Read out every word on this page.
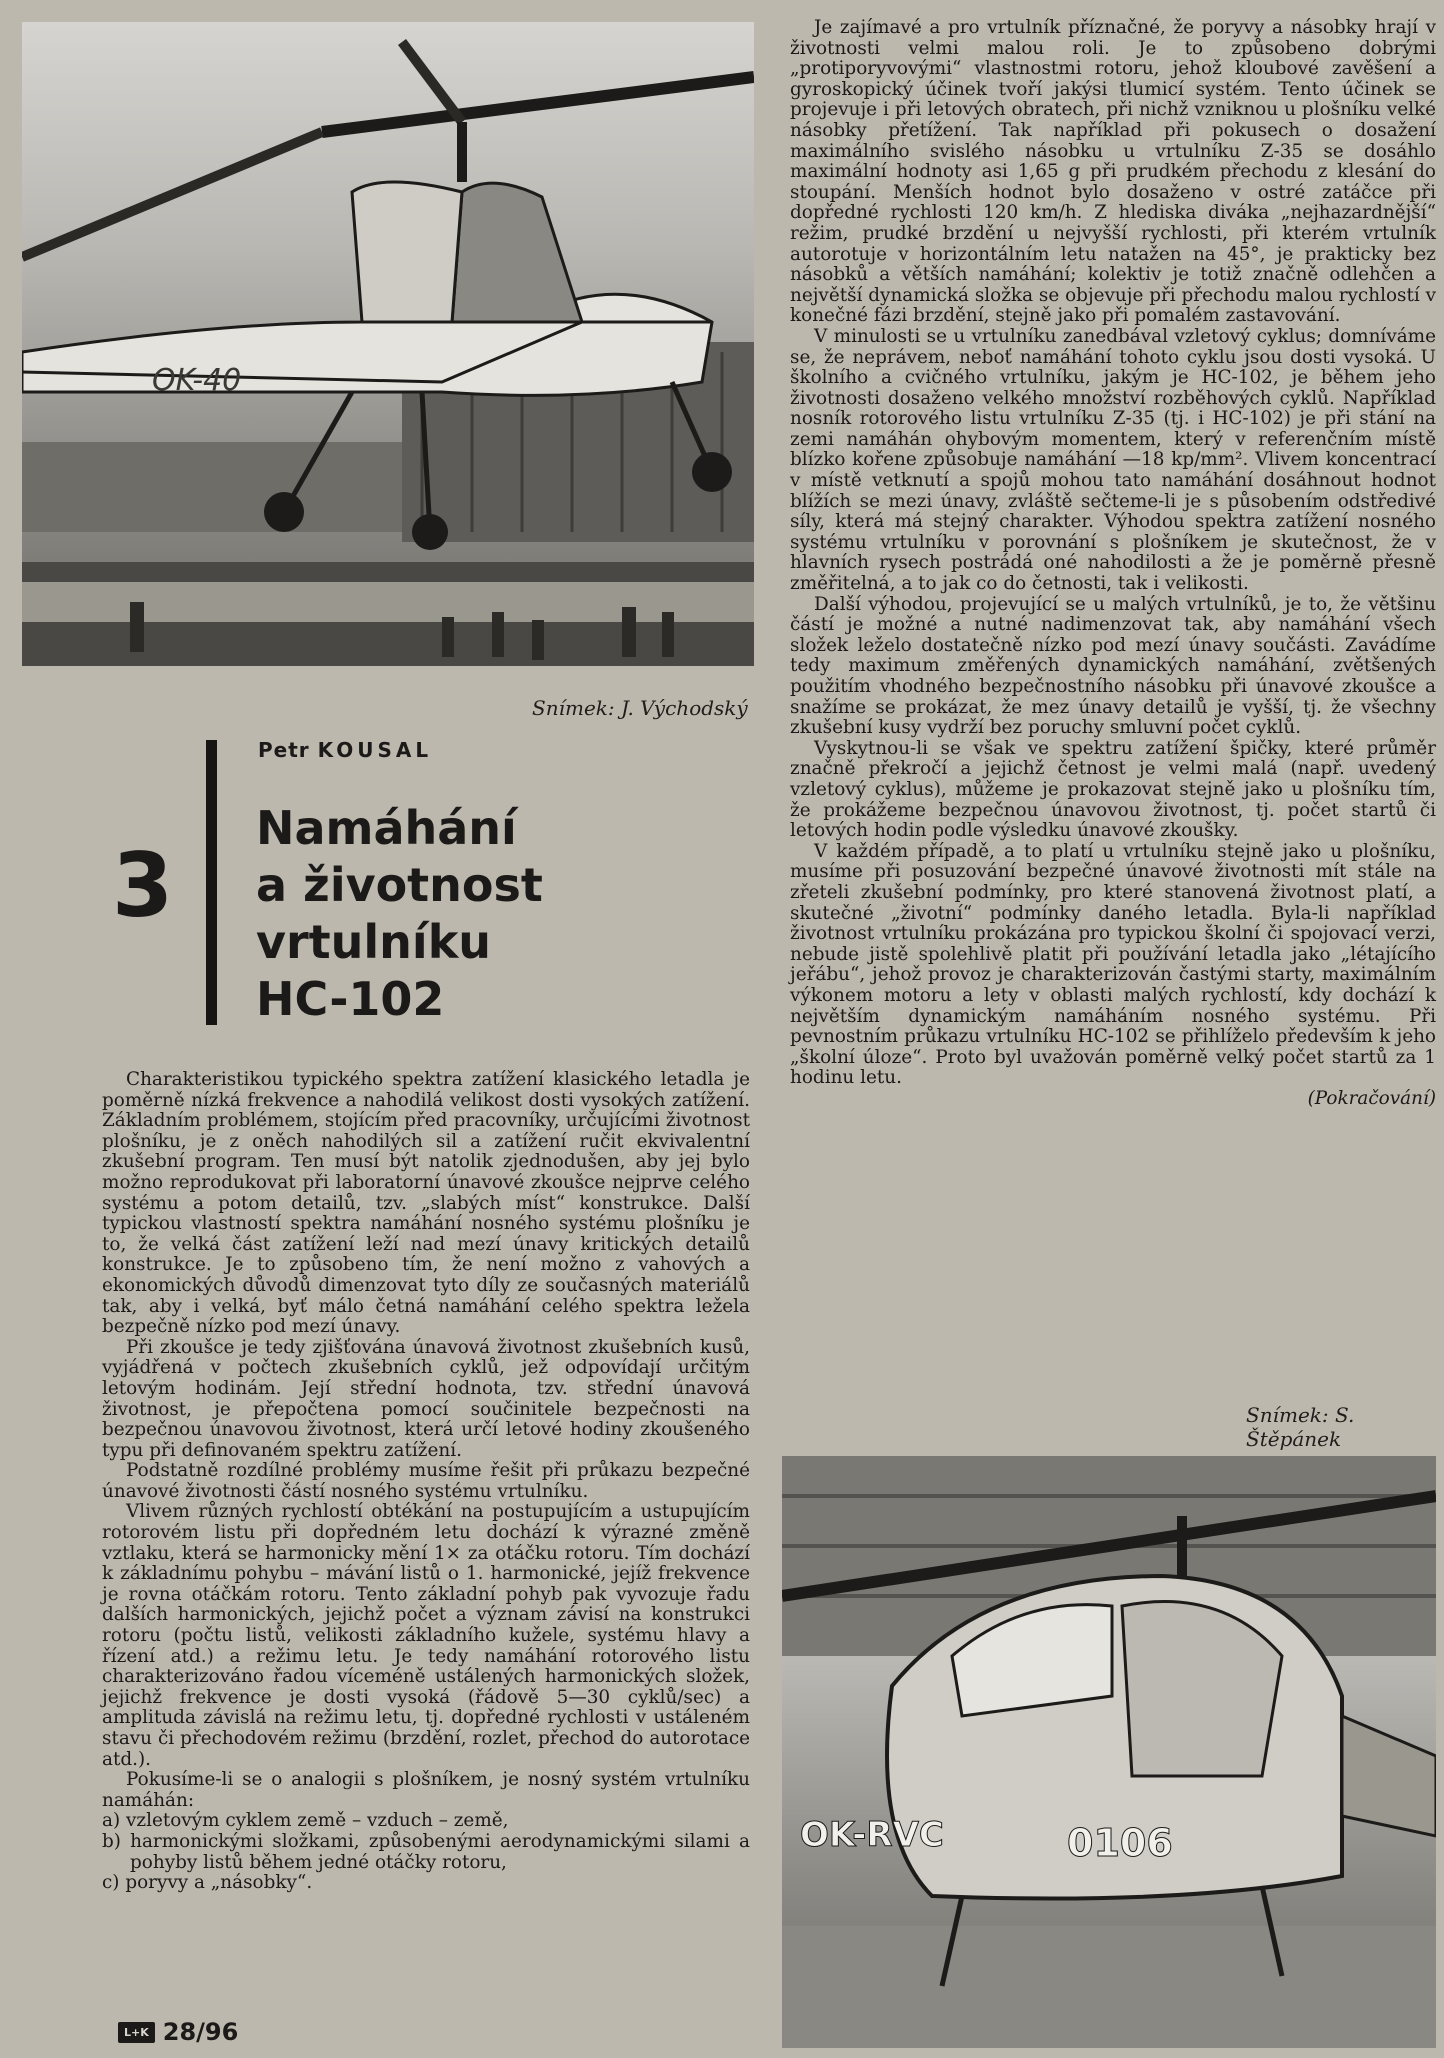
OK-40
Snímek: J. Východský
Petr KOUSAL
3
Namáhání
a životnost
vrtulníku
HC-102

Charakteristikou typického spektra zatížení klasického letadla je poměrně nízká frekvence a nahodilá velikost dosti vysokých zatížení. Základním problémem, stojícím před pracovníky, určujícími životnost plošníku, je z oněch nahodilých sil a zatížení ručit ekvivalentní zkušební program. Ten musí být natolik zjednodušen, aby jej bylo možno reprodukovat při laboratorní únavové zkoušce nejprve celého systému a potom detailů, tzv. „slabých míst“ konstrukce. Další typickou vlastností spektra namáhání nosného systému plošníku je to, že velká část zatížení leží nad mezí únavy kritických detailů konstrukce. Je to způsobeno tím, že není možno z vahových a ekonomických důvodů dimenzovat tyto díly ze současných materiálů tak, aby i velká, byť málo četná namáhání celého spektra ležela bezpečně nízko pod mezí únavy.

Při zkoušce je tedy zjišťována únavová životnost zkušebních kusů, vyjádřená v počtech zkušebních cyklů, jež odpovídají určitým letovým hodinám. Její střední hodnota, tzv. střední únavová životnost, je přepočtena pomocí součinitele bezpečnosti na bezpečnou únavovou životnost, která určí letové hodiny zkoušeného typu při definovaném spektru zatížení.

Podstatně rozdílné problémy musíme řešit při průkazu bezpečné únavové životnosti částí nosného systému vrtulníku.

Vlivem různých rychlostí obtékání na postupujícím a ustupujícím rotorovém listu při dopředném letu dochází k výrazné změně vztlaku, která se harmonicky mění 1× za otáčku rotoru. Tím dochází k základnímu pohybu – mávání listů o 1. harmonické, jejíž frekvence je rovna otáčkám rotoru. Tento základní pohyb pak vyvozuje řadu dalších harmonických, jejichž počet a význam závisí na konstrukci rotoru (počtu listů, velikosti základního kužele, systému hlavy a řízení atd.) a režimu letu. Je tedy namáhání rotorového listu charakterizováno řadou víceméně ustálených harmonických složek, jejichž frekvence je dosti vysoká (řádově 5—30 cyklů/sec) a amplituda závislá na režimu letu, tj. dopředné rychlosti v ustáleném stavu či přechodovém režimu (brzdění, rozlet, přechod do autorotace atd.).

Pokusíme-li se o analogii s plošníkem, je nosný systém vrtulníku namáhán:

a) vzletovým cyklem země – vzduch – země,
b) harmonickými složkami, způsobenými aerodynamickými silami a pohyby listů během jedné otáčky rotoru,
c) poryvy a „násobky“.

Je zajímavé a pro vrtulník příznačné, že poryvy a násobky hrají v životnosti velmi malou roli. Je to způsobeno dobrými „protiporyvovými“ vlastnostmi rotoru, jehož kloubové zavěšení a gyroskopický účinek tvoří jakýsi tlumicí systém. Tento účinek se projevuje i při letových obratech, při nichž vzniknou u plošníku velké násobky přetížení. Tak například při pokusech o dosažení maximálního svislého násobku u vrtulníku Z-35 se dosáhlo maximální hodnoty asi 1,65 g při prudkém přechodu z klesání do stoupání. Menších hodnot bylo dosaženo v ostré zatáčce při dopředné rychlosti 120 km/h. Z hlediska diváka „nejhazardnější“ režim, prudké brzdění u nejvyšší rychlosti, při kterém vrtulník autorotuje v horizontálním letu natažen na 45°, je prakticky bez násobků a větších namáhání; kolektiv je totiž značně odlehčen a největší dynamická složka se objevuje při přechodu malou rychlostí v konečné fázi brzdění, stejně jako při pomalém zastavování.

V minulosti se u vrtulníku zanedbával vzletový cyklus; domníváme se, že neprávem, neboť namáhání tohoto cyklu jsou dosti vysoká. U školního a cvičného vrtulníku, jakým je HC-102, je během jeho životnosti dosaženo velkého množství rozběhových cyklů. Například nosník rotorového listu vrtulníku Z-35 (tj. i HC-102) je při stání na zemi namáhán ohybovým momentem, který v referenčním místě blízko kořene způsobuje namáhání —18 kp/mm². Vlivem koncentrací v místě vetknutí a spojů mohou tato namáhání dosáhnout hodnot blížích se mezi únavy, zvláště sečteme-li je s působením odstředivé síly, která má stejný charakter. Výhodou spektra zatížení nosného systému vrtulníku v porovnání s plošníkem je skutečnost, že v hlavních rysech postrádá oné nahodilosti a že je poměrně přesně změřitelná, a to jak co do četnosti, tak i velikosti.

Další výhodou, projevující se u malých vrtulníků, je to, že většinu částí je možné a nutné nadimenzovat tak, aby namáhání všech složek leželo dostatečně nízko pod mezí únavy součásti. Zavádíme tedy maximum změřených dynamických namáhání, zvětšených použitím vhodného bezpečnostního násobku při únavové zkoušce a snažíme se prokázat, že mez únavy detailů je vyšší, tj. že všechny zkušební kusy vydrží bez poruchy smluvní počet cyklů.

Vyskytnou-li se však ve spektru zatížení špičky, které průměr značně překročí a jejichž četnost je velmi malá (např. uvedený vzletový cyklus), můžeme je prokazovat stejně jako u plošníku tím, že prokážeme bezpečnou únavovou životnost, tj. počet startů či letových hodin podle výsledku únavové zkoušky.

V každém případě, a to platí u vrtulníku stejně jako u plošníku, musíme při posuzování bezpečné únavové životnosti mít stále na zřeteli zkušební podmínky, pro které stanovená životnost platí, a skutečné „životní“ podmínky daného letadla. Byla-li například životnost vrtulníku prokázána pro typickou školní či spojovací verzi, nebude jistě spolehlivě platit při používání letadla jako „létajícího jeřábu“, jehož provoz je charakterizován častými starty, maximálním výkonem motoru a lety v oblasti malých rychlostí, kdy dochází k největším dynamickým namáháním nosného systému. Při pevnostním průkazu vrtulníku HC-102 se přihlíželo především k jeho „školní úloze“. Proto byl uvažován poměrně velký počet startů za 1 hodinu letu.

(Pokračování)

Snímek: S. Štěpánek
OK-RVC	0106
L+K 28/96
